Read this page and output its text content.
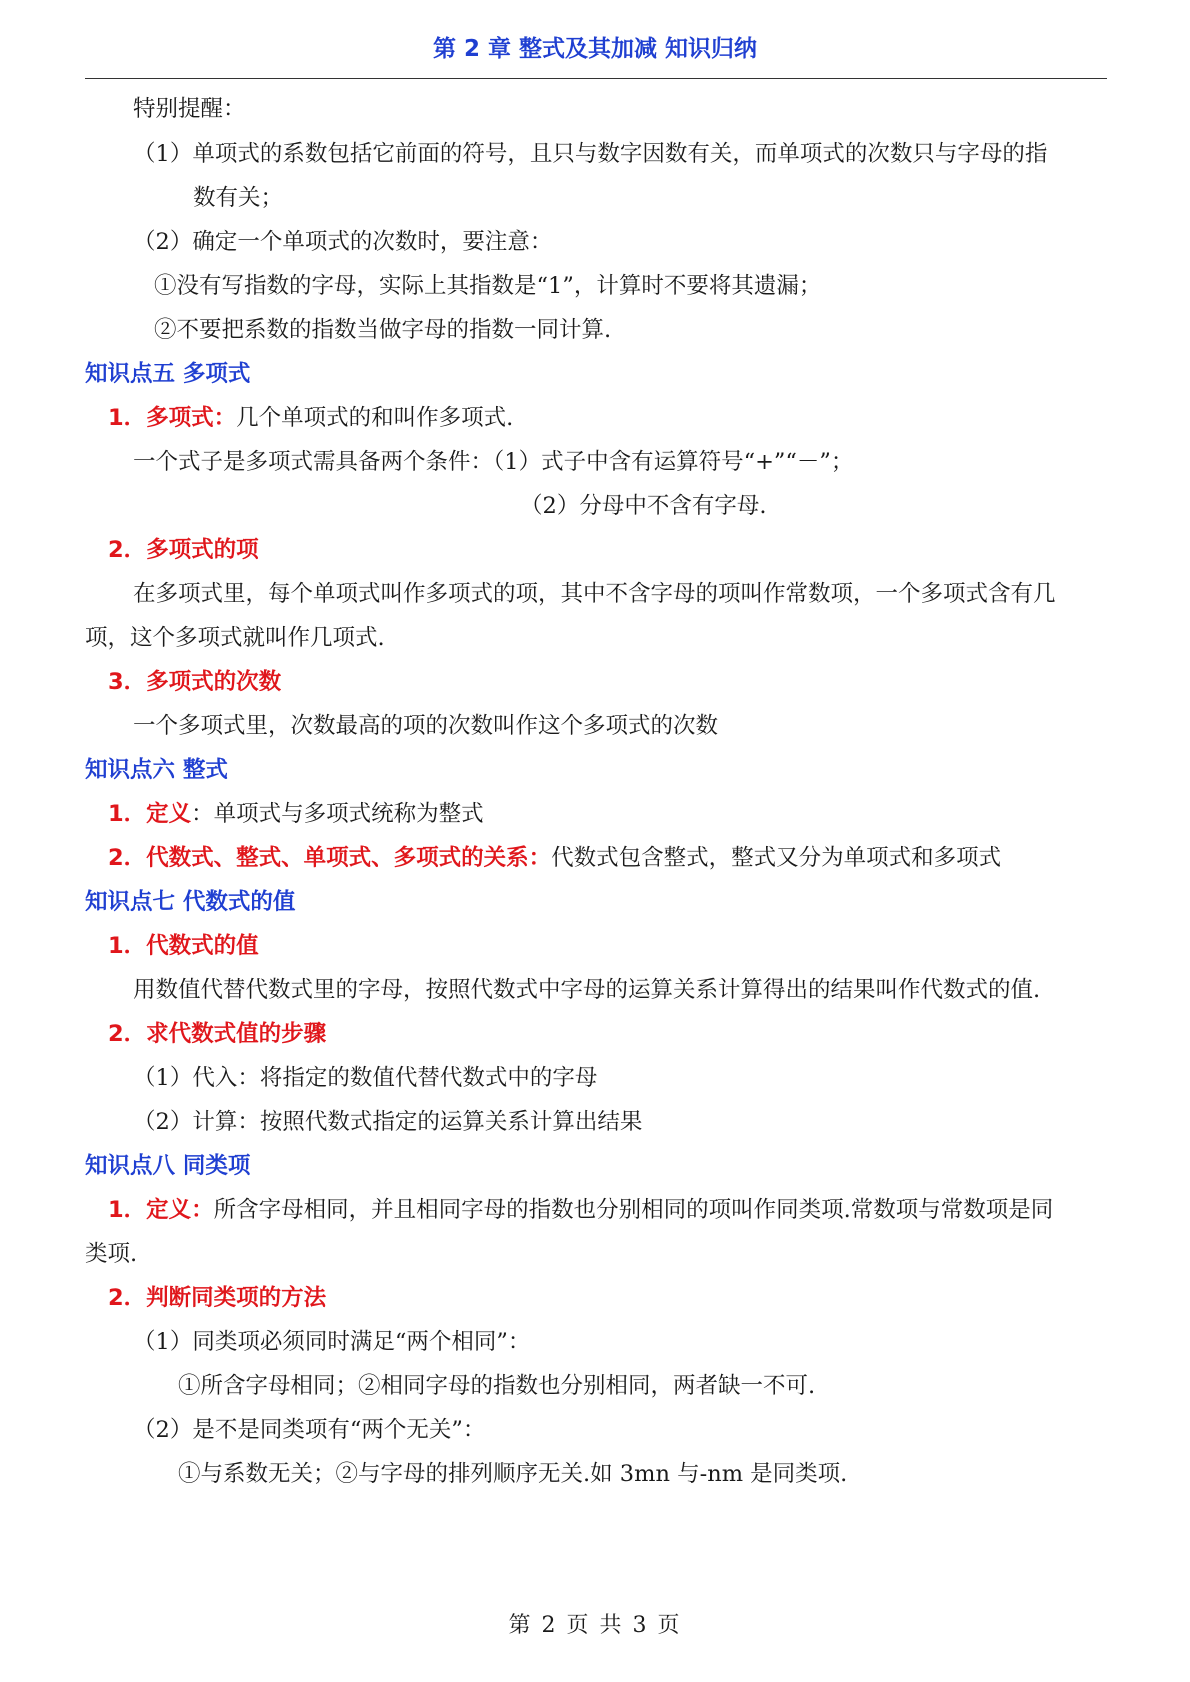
第 2 章 整式及其加减 知识归纳
特别提醒：
（1）单项式的系数包括它前面的符号，且只与数字因数有关，而单项式的次数只与字母的指
数有关；
（2）确定一个单项式的次数时，要注意：
①没有写指数的字母，实际上其指数是“1”，计算时不要将其遗漏；
②不要把系数的指数当做字母的指数一同计算.
知识点五 多项式
1．多项式：几个单项式的和叫作多项式.
一个式子是多项式需具备两个条件：（1）式子中含有运算符号“+”“－”；
（2）分母中不含有字母.
2．多项式的项
在多项式里，每个单项式叫作多项式的项，其中不含字母的项叫作常数项，一个多项式含有几
项，这个多项式就叫作几项式.
3．多项式的次数
一个多项式里，次数最高的项的次数叫作这个多项式的次数
知识点六 整式
1．定义：单项式与多项式统称为整式
2．代数式、整式、单项式、多项式的关系：代数式包含整式，整式又分为单项式和多项式
知识点七 代数式的值
1．代数式的值
用数值代替代数式里的字母，按照代数式中字母的运算关系计算得出的结果叫作代数式的值.
2．求代数式值的步骤
（1）代入：将指定的数值代替代数式中的字母
（2）计算：按照代数式指定的运算关系计算出结果
知识点八 同类项
1．定义：所含字母相同，并且相同字母的指数也分别相同的项叫作同类项.常数项与常数项是同
类项.
2．判断同类项的方法
（1）同类项必须同时满足“两个相同”：
①所含字母相同；②相同字母的指数也分别相同，两者缺一不可.
（2）是不是同类项有“两个无关”：
①与系数无关；②与字母的排列顺序无关.如 3mn 与-nm 是同类项.
第 2 页 共 3 页
